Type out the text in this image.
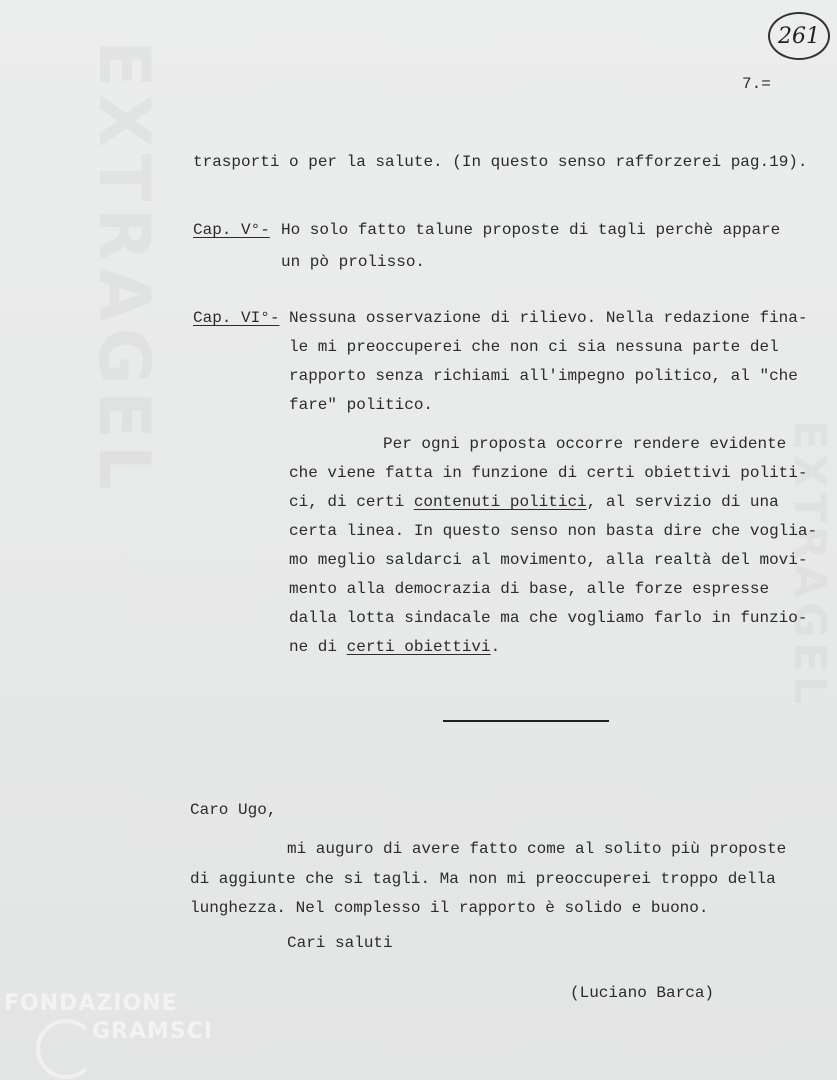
261
7.=
trasporti o per la salute. (In questo senso rafforzerei pag.19).
Cap. V°- Ho solo fatto talune proposte di tagli perchè appare
un pò prolisso.
Cap. VI°- Nessuna osservazione di rilievo. Nella redazione fina-
le mi preoccuperei che non ci sia nessuna parte del
rapporto senza richiami all'impegno politico, al "che
fare" politico.
Per ogni proposta occorre rendere evidente
che viene fatta in funzione di certi obiettivi politi-
ci, di certi contenuti politici, al servizio di una
certa linea. In questo senso non basta dire che voglia-
mo meglio saldarci al movimento, alla realtà del movi-
mento alla democrazia di base, alle forze espresse
dalla lotta sindacale ma che vogliamo farlo in funzio-
ne di certi obiettivi.
Caro Ugo,
mi auguro di avere fatto come al solito più proposte
di aggiunte che si tagli. Ma non mi preoccuperei troppo della
lunghezza. Nel complesso il rapporto è solido e buono.
Cari saluti
(Luciano Barca)
FONDAZIONE
GRAMSCI
